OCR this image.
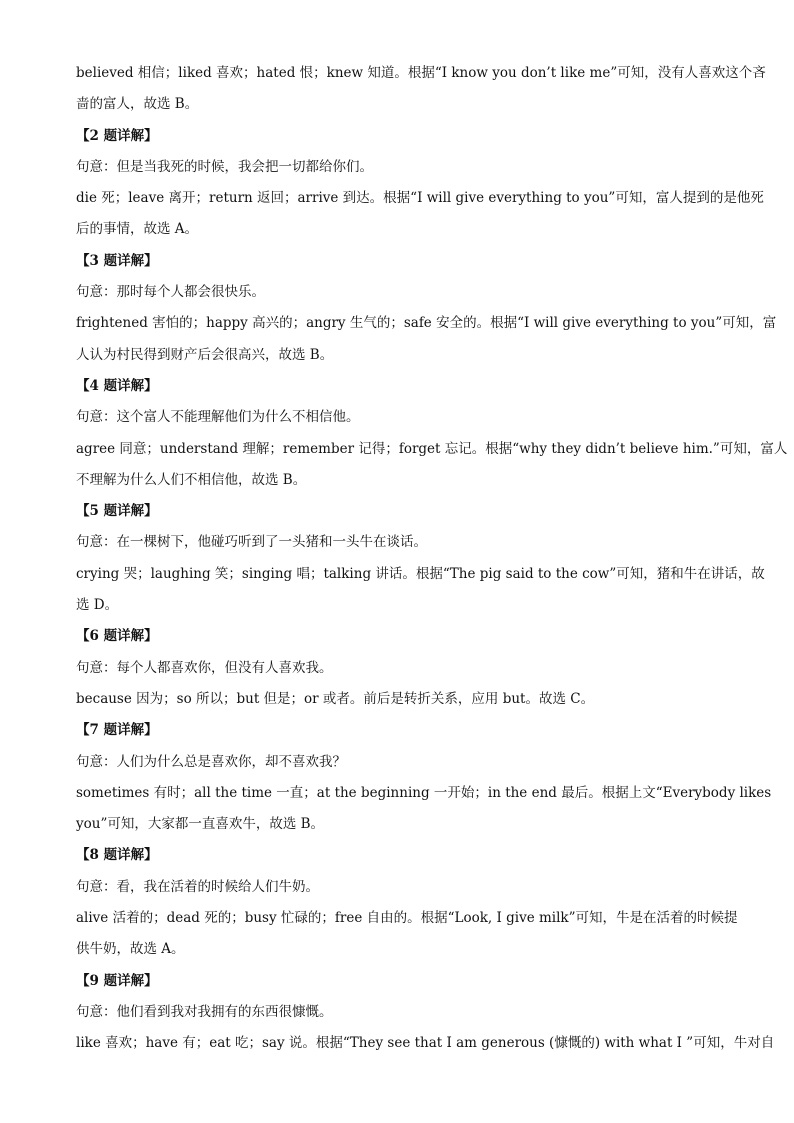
believed 相信；liked 喜欢；hated 恨；knew 知道。根据“I know you don’t like me”可知，没有人喜欢这个吝
啬的富人，故选 B。
【2 题详解】
句意：但是当我死的时候，我会把一切都给你们。
die 死；leave 离开；return 返回；arrive 到达。根据“I will give everything to you”可知，富人提到的是他死
后的事情，故选 A。
【3 题详解】
句意：那时每个人都会很快乐。
frightened 害怕的；happy 高兴的；angry 生气的；safe 安全的。根据“I will give everything to you”可知，富
人认为村民得到财产后会很高兴，故选 B。
【4 题详解】
句意：这个富人不能理解他们为什么不相信他。
agree 同意；understand 理解；remember 记得；forget 忘记。根据“why they didn’t believe him.”可知，富人
不理解为什么人们不相信他，故选 B。
【5 题详解】
句意：在一棵树下，他碰巧听到了一头猪和一头牛在谈话。
crying 哭；laughing 笑；singing 唱；talking 讲话。根据“The pig said to the cow”可知，猪和牛在讲话，故
选 D。
【6 题详解】
句意：每个人都喜欢你，但没有人喜欢我。
because 因为；so 所以；but 但是；or 或者。前后是转折关系，应用 but。故选 C。
【7 题详解】
句意：人们为什么总是喜欢你，却不喜欢我？
sometimes 有时；all the time 一直；at the beginning 一开始；in the end 最后。根据上文“Everybody likes
you”可知，大家都一直喜欢牛，故选 B。
【8 题详解】
句意：看，我在活着的时候给人们牛奶。
alive 活着的；dead 死的；busy 忙碌的；free 自由的。根据“Look, I give milk”可知，牛是在活着的时候提
供牛奶，故选 A。
【9 题详解】
句意：他们看到我对我拥有的东西很慷慨。
like 喜欢；have 有；eat 吃；say 说。根据“They see that I am generous (慷慨的) with what I ”可知，牛对自
